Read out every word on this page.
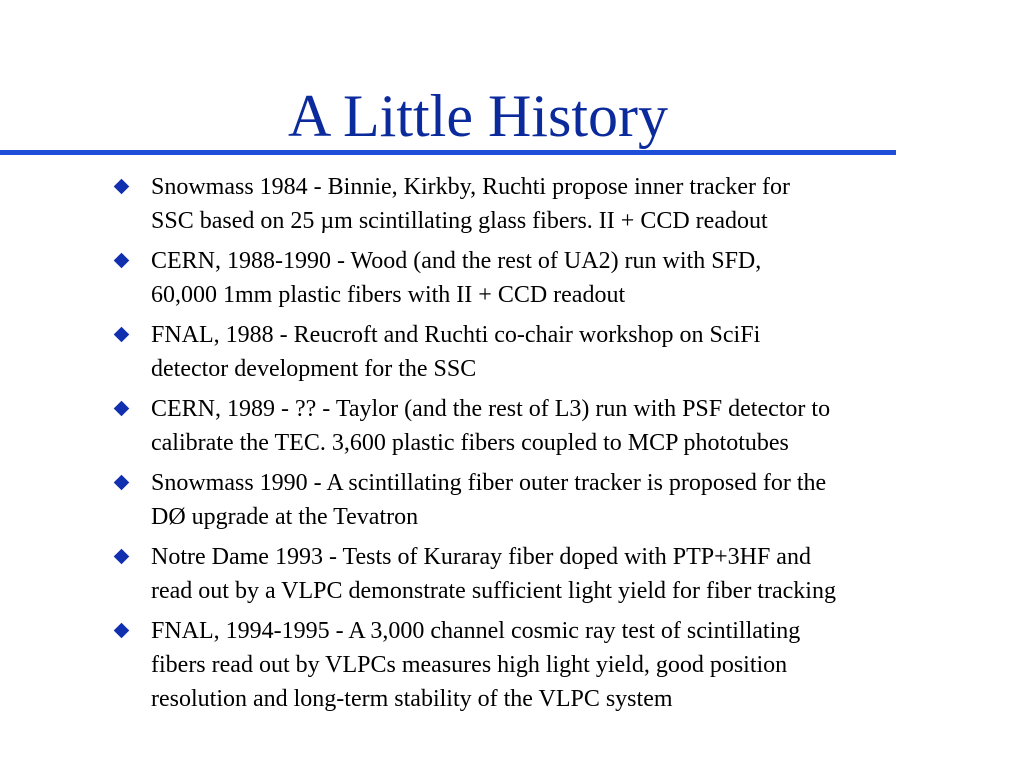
A Little History
Snowmass 1984 - Binnie, Kirkby, Ruchti propose inner tracker for
SSC based on 25 µm scintillating glass fibers. II + CCD readout
CERN, 1988-1990 - Wood (and the rest of UA2) run with SFD,
60,000 1mm plastic fibers with II + CCD readout
FNAL, 1988 - Reucroft and Ruchti co-chair workshop on SciFi
detector development for the SSC
CERN, 1989 - ?? - Taylor (and the rest of L3) run with PSF detector to
calibrate the TEC. 3,600 plastic fibers coupled to MCP phototubes
Snowmass 1990 - A scintillating fiber outer tracker is proposed for the
DØ upgrade at the Tevatron
Notre Dame 1993 - Tests of Kuraray fiber doped with PTP+3HF and
read out by a VLPC demonstrate sufficient light yield for fiber tracking
FNAL, 1994-1995 - A 3,000 channel cosmic ray test of scintillating
fibers read out by VLPCs measures high light yield, good position
resolution and long-term stability of the VLPC system
